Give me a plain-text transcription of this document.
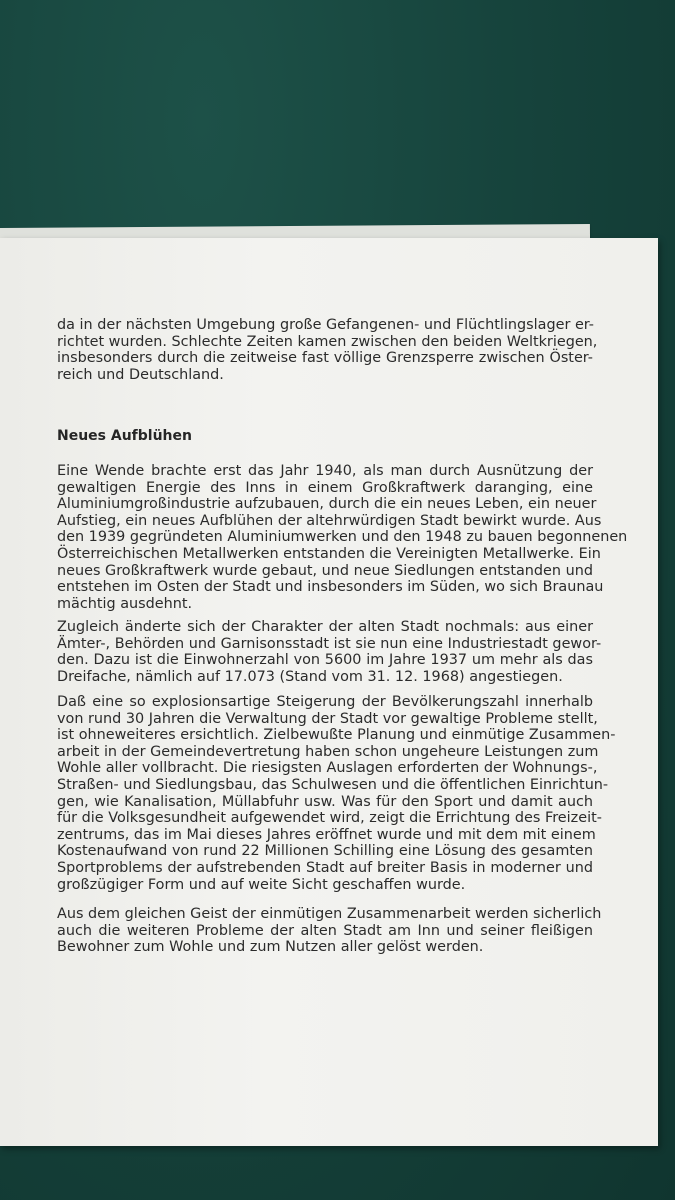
da in der nächsten Umgebung große Gefangenen- und Flüchtlingslager er-
richtet wurden. Schlechte Zeiten kamen zwischen den beiden Weltkriegen,
insbesonders durch die zeitweise fast völlige Grenzsperre zwischen Öster-
reich und Deutschland.

Neues Aufblühen

Eine Wende brachte erst das Jahr 1940, als man durch Ausnützung der
gewaltigen Energie des Inns in einem Großkraftwerk daranging, eine
Aluminiumgroßindustrie aufzubauen, durch die ein neues Leben, ein neuer
Aufstieg, ein neues Aufblühen der altehrwürdigen Stadt bewirkt wurde. Aus
den 1939 gegründeten Aluminiumwerken und den 1948 zu bauen begonnenen
Österreichischen Metallwerken entstanden die Vereinigten Metallwerke. Ein
neues Großkraftwerk wurde gebaut, und neue Siedlungen entstanden und
entstehen im Osten der Stadt und insbesonders im Süden, wo sich Braunau
mächtig ausdehnt.

Zugleich änderte sich der Charakter der alten Stadt nochmals: aus einer
Ämter-, Behörden und Garnisonsstadt ist sie nun eine Industriestadt gewor-
den. Dazu ist die Einwohnerzahl von 5600 im Jahre 1937 um mehr als das
Dreifache, nämlich auf 17.073 (Stand vom 31. 12. 1968) angestiegen.

Daß eine so explosionsartige Steigerung der Bevölkerungszahl innerhalb
von rund 30 Jahren die Verwaltung der Stadt vor gewaltige Probleme stellt,
ist ohneweiteres ersichtlich. Zielbewußte Planung und einmütige Zusammen-
arbeit in der Gemeindevertretung haben schon ungeheure Leistungen zum
Wohle aller vollbracht. Die riesigsten Auslagen erforderten der Wohnungs-,
Straßen- und Siedlungsbau, das Schulwesen und die öffentlichen Einrichtun-
gen, wie Kanalisation, Müllabfuhr usw. Was für den Sport und damit auch
für die Volksgesundheit aufgewendet wird, zeigt die Errichtung des Freizeit-
zentrums, das im Mai dieses Jahres eröffnet wurde und mit dem mit einem
Kostenaufwand von rund 22 Millionen Schilling eine Lösung des gesamten
Sportproblems der aufstrebenden Stadt auf breiter Basis in moderner und
großzügiger Form und auf weite Sicht geschaffen wurde.

Aus dem gleichen Geist der einmütigen Zusammenarbeit werden sicherlich
auch die weiteren Probleme der alten Stadt am Inn und seiner fleißigen
Bewohner zum Wohle und zum Nutzen aller gelöst werden.
